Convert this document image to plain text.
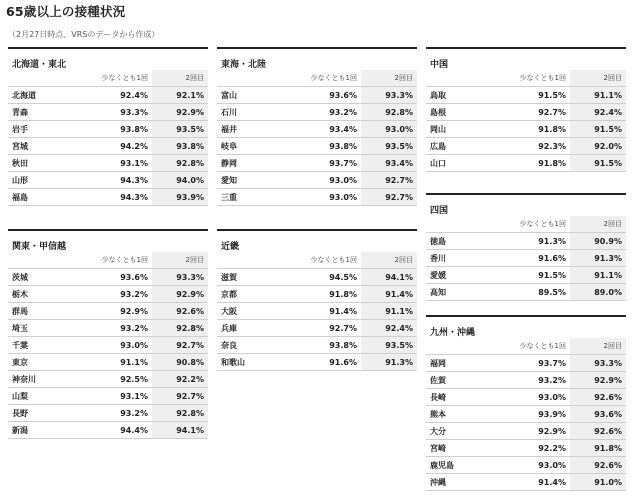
65歳以上の接種状況
（2月27日時点、VRSのデータから作成）
北海道・東北
	少なくとも1回	2回目
北海道	92.4%	92.1%
青森	93.3%	92.9%
岩手	93.8%	93.5%
宮城	94.2%	93.8%
秋田	93.1%	92.8%
山形	94.3%	94.0%
福島	94.3%	93.9%
関東・甲信越
	少なくとも1回	2回目
茨城	93.6%	93.3%
栃木	93.2%	92.9%
群馬	92.9%	92.6%
埼玉	93.2%	92.8%
千葉	93.0%	92.7%
東京	91.1%	90.8%
神奈川	92.5%	92.2%
山梨	93.1%	92.7%
長野	93.2%	92.8%
新潟	94.4%	94.1%
東海・北陸
	少なくとも1回	2回目
富山	93.6%	93.3%
石川	93.2%	92.8%
福井	93.4%	93.0%
岐阜	93.8%	93.5%
静岡	93.7%	93.4%
愛知	93.0%	92.7%
三重	93.0%	92.7%
近畿
	少なくとも1回	2回目
滋賀	94.5%	94.1%
京都	91.8%	91.4%
大阪	91.4%	91.1%
兵庫	92.7%	92.4%
奈良	93.8%	93.5%
和歌山	91.6%	91.3%
中国
	少なくとも1回	2回目
鳥取	91.5%	91.1%
島根	92.7%	92.4%
岡山	91.8%	91.5%
広島	92.3%	92.0%
山口	91.8%	91.5%
四国
	少なくとも1回	2回目
徳島	91.3%	90.9%
香川	91.6%	91.3%
愛媛	91.5%	91.1%
高知	89.5%	89.0%
九州・沖縄
	少なくとも1回	2回目
福岡	93.7%	93.3%
佐賀	93.2%	92.9%
長崎	93.0%	92.6%
熊本	93.9%	93.6%
大分	92.9%	92.6%
宮崎	92.2%	91.8%
鹿児島	93.0%	92.6%
沖縄	91.4%	91.0%
